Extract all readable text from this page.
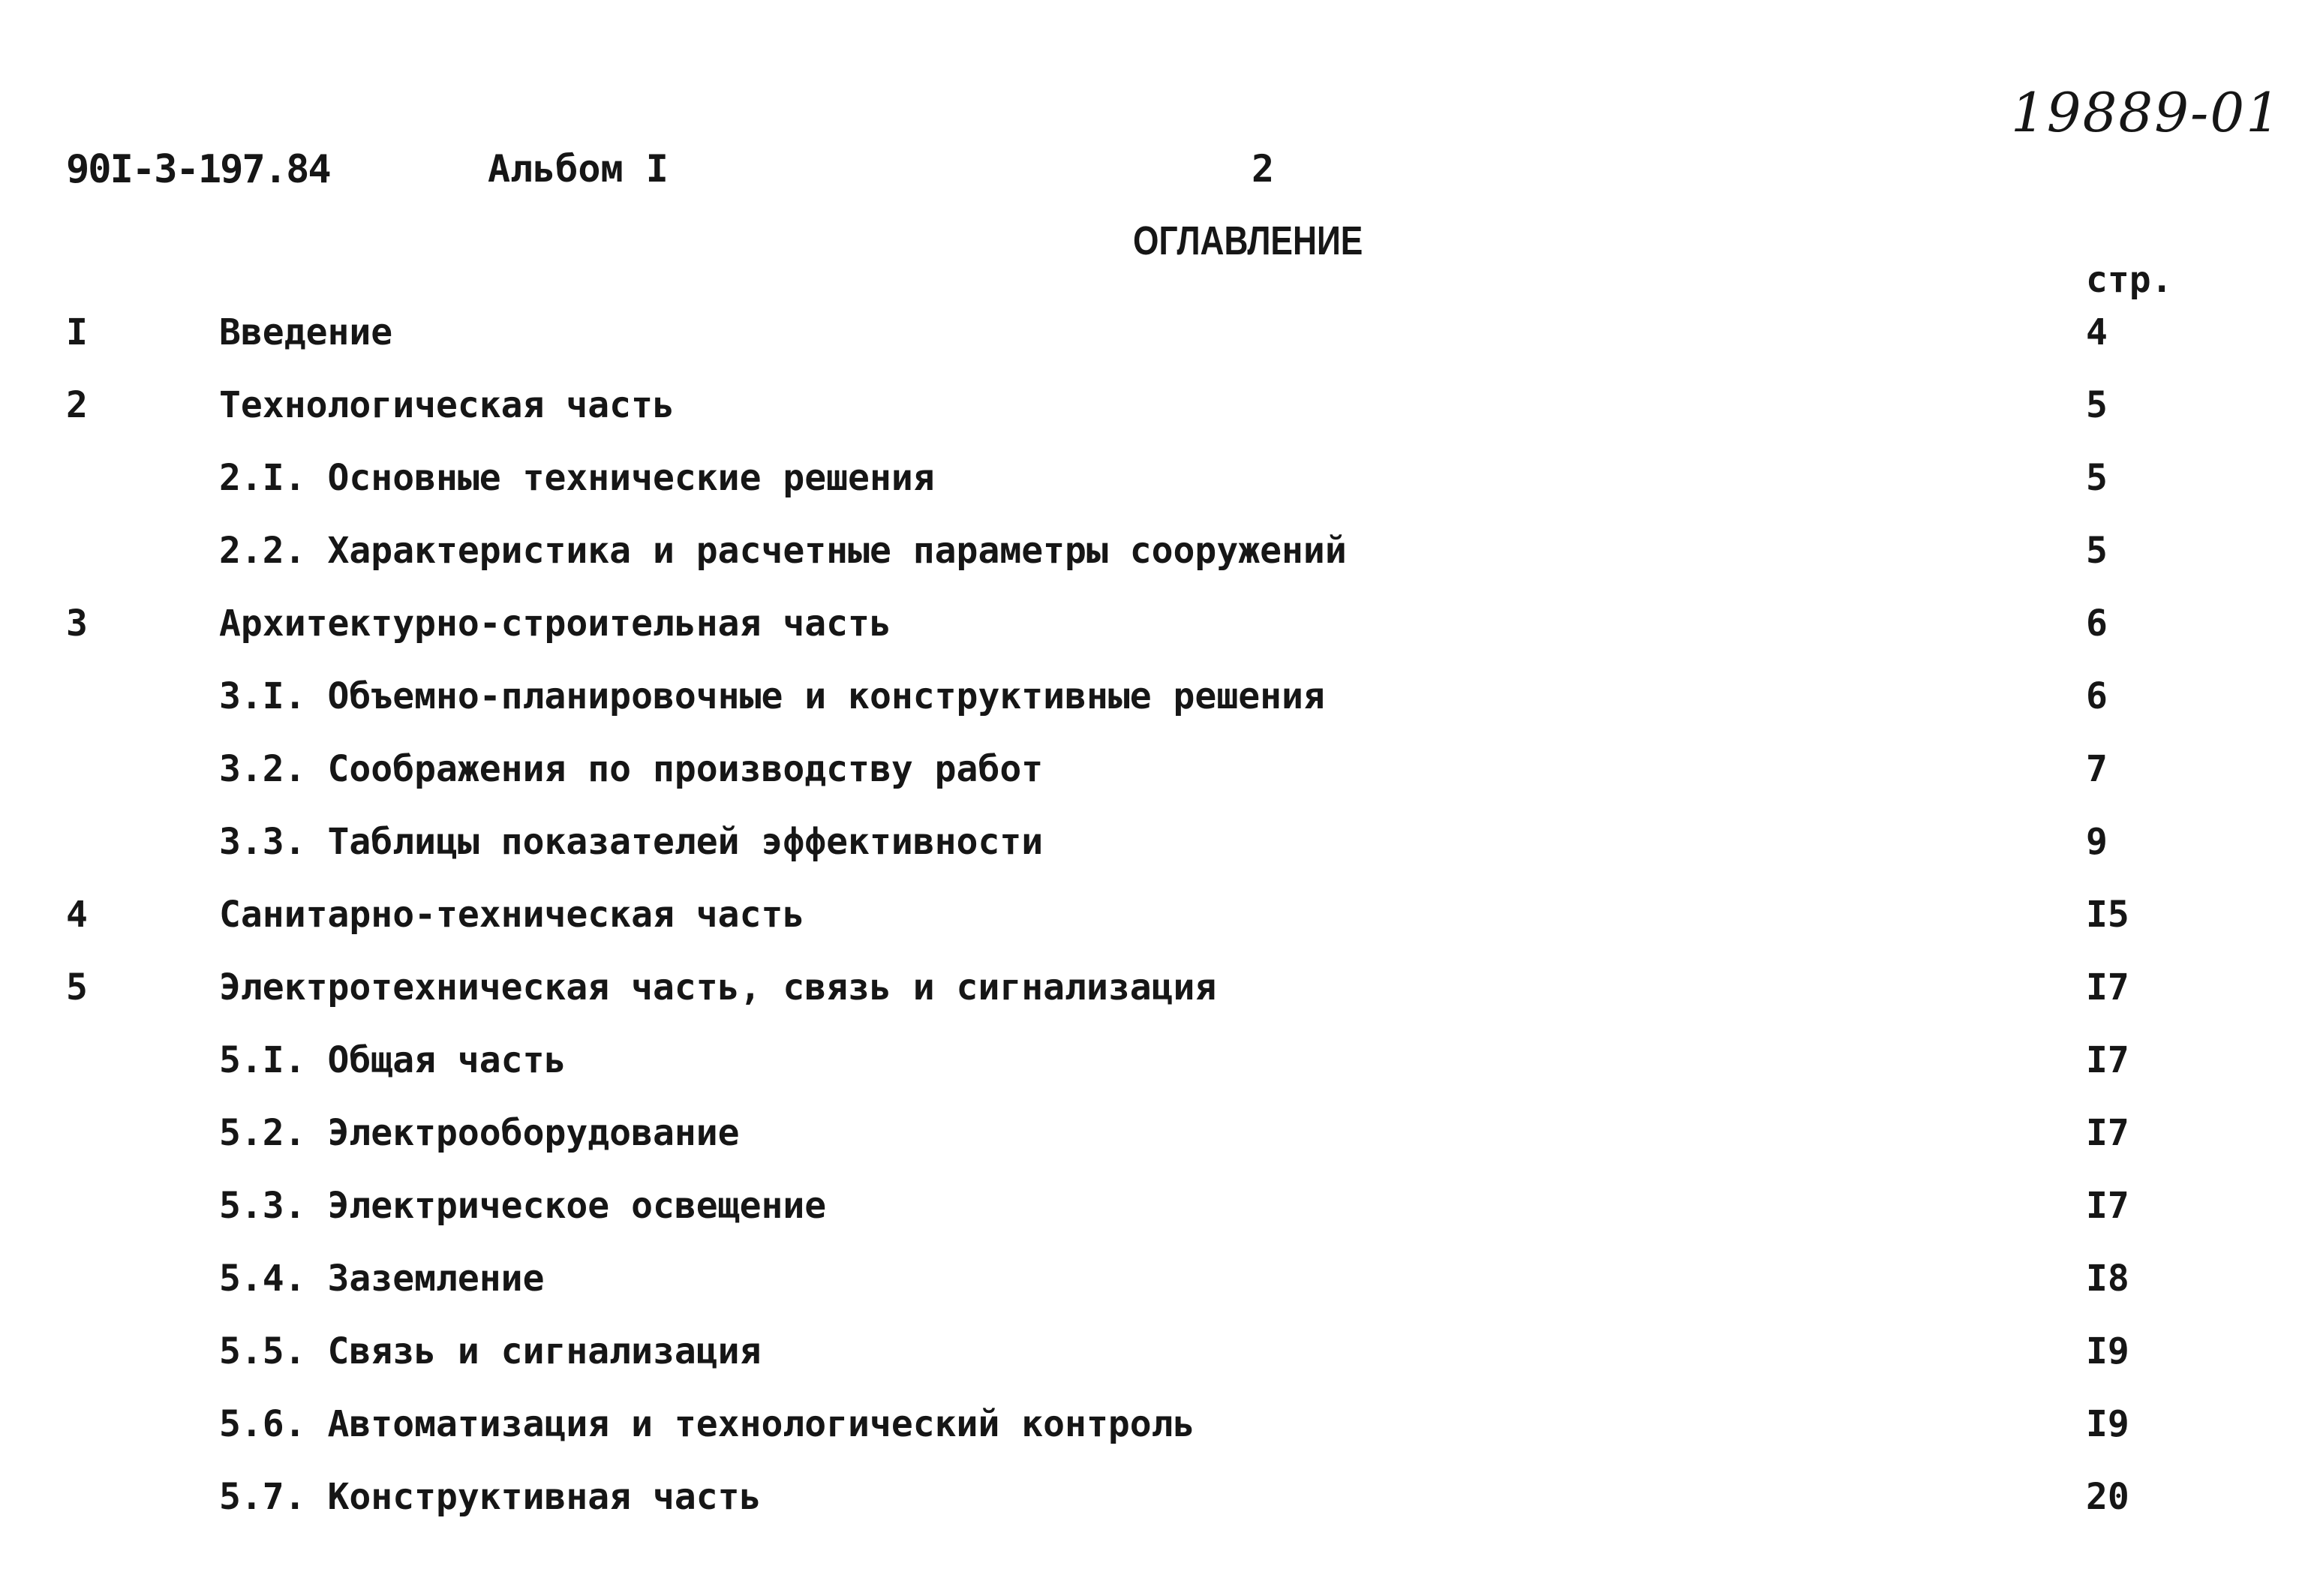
90I-3-197.84	Альбом I	2
19889-01
ОГЛАВЛЕНИЕ
стр.
I	Введение	4
2	Технологическая часть	5
2.I. Основные технические решения	5
2.2. Характеристика и расчетные параметры сооружений	5
3	Архитектурно-строительная часть	6
3.I. Объемно-планировочные и конструктивные решения	6
3.2. Соображения по производству работ	7
3.3. Таблицы показателей эффективности	9
4	Санитарно-техническая часть	I5
5	Электротехническая часть, связь и сигнализация	I7
5.I. Общая часть	I7
5.2. Электрооборудование	I7
5.3. Электрическое освещение	I7
5.4. Заземление	I8
5.5. Связь и сигнализация	I9
5.6. Автоматизация и технологический контроль	I9
5.7. Конструктивная часть	20
